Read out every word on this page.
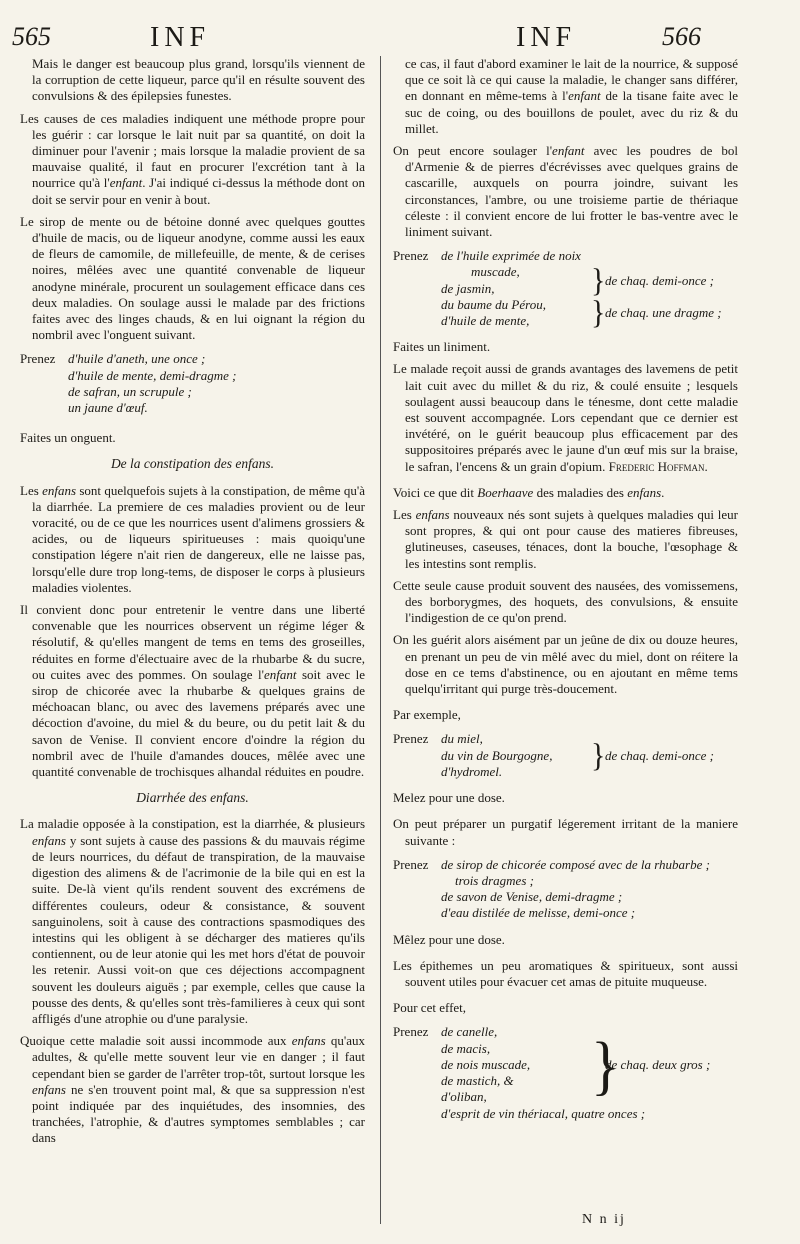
565	INF	INF	566

Mais le danger est beaucoup plus grand, lorsqu'ils viennent de la corruption de cette liqueur, parce qu'il en résulte souvent des convulsions & des épilepsies funestes.

Les causes de ces maladies indiquent une méthode propre pour les guérir : car lorsque le lait nuit par sa quantité, on doit la diminuer pour l'avenir ; mais lorsque la maladie provient de sa mauvaise qualité, il faut en procurer l'excrétion tant à la nourrice qu'à l'enfant. J'ai indiqué ci-dessus la méthode dont on doit se servir pour en venir à bout.

Le sirop de mente ou de bétoine donné avec quelques gouttes d'huile de macis, ou de liqueur anodyne, comme aussi les eaux de fleurs de camomile, de millefeuille, de mente, & de cerises noires, mêlées avec une quantité convenable de liqueur anodyne minérale, procurent un soulagement efficace dans ces deux maladies. On soulage aussi le malade par des frictions faites avec des linges chauds, & en lui oignant la région du nombril avec l'onguent suivant.

Prenez d'huile d'aneth, une once ;
d'huile de mente, demi-dragme ;
de safran, un scrupule ;
un jaune d'œuf.

Faites un onguent.

De la constipation des enfans.

Les enfans sont quelquefois sujets à la constipation, de même qu'à la diarrhée. La premiere de ces maladies provient ou de leur voracité, ou de ce que les nourrices usent d'alimens grossiers & acides, ou de liqueurs spiritueuses : mais quoiqu'une constipation légere n'ait rien de dangereux, elle ne laisse pas, lorsqu'elle dure trop long-tems, de disposer le corps à plusieurs maladies violentes.

Il convient donc pour entretenir le ventre dans une liberté convenable que les nourrices observent un régime léger & résolutif, & qu'elles mangent de tems en tems des groseilles, réduites en forme d'électuaire avec de la rhubarbe & du sucre, ou cuites avec des pommes. On soulage l'enfant soit avec le sirop de chicorée avec la rhubarbe & quelques grains de méchoacan blanc, ou avec des lavemens préparés avec une décoction d'avoine, du miel & du beure, ou du petit lait & du savon de Venise. Il convient encore d'oindre la région du nombril avec de l'huile d'amandes douces, mêlée avec une quantité convenable de trochisques alhandal réduites en poudre.

Diarrhée des enfans.

La maladie opposée à la constipation, est la diarrhée, & plusieurs enfans y sont sujets à cause des passions & du mauvais régime de leurs nourrices, du défaut de transpiration, de la mauvaise digestion des alimens & de l'acrimonie de la bile qui en est la suite. De-là vient qu'ils rendent souvent des excrémens de différentes couleurs, odeur & consistance, & souvent sanguinolens, soit à cause des contractions spasmodiques des intestins qui les obligent à se décharger des matieres qu'ils contiennent, ou de leur atonie qui les met hors d'état de pouvoir les retenir. Aussi voit-on que ces déjections accompagnent souvent les douleurs aiguës ; par exemple, celles que cause la pousse des dents, & qu'elles sont très-familieres à ceux qui sont affligés d'une atrophie ou d'une paralysie.

Quoique cette maladie soit aussi incommode aux enfans qu'aux adultes, & qu'elle mette souvent leur vie en danger ; il faut cependant bien se garder de l'arrêter trop-tôt, surtout lorsque les enfans ne s'en trouvent point mal, & que sa suppression n'est point indiquée par des inquiétudes, des insomnies, des tranchées, l'atrophie, & d'autres symptomes semblables ; car dans

ce cas, il faut d'abord examiner le lait de la nourrice, & supposé que ce soit là ce qui cause la maladie, le changer sans différer, en donnant en même-tems à l'enfant de la tisane faite avec le suc de coing, ou des bouillons de poulet, avec du riz & du millet.

On peut encore soulager l'enfant avec les poudres de bol d'Armenie & de pierres d'écrévisses avec quelques grains de cascarille, auxquels on pourra joindre, suivant les circonstances, l'ambre, ou une troisieme partie de thériaque céleste : il convient encore de lui frotter le bas-ventre avec le liniment suivant.

Prenez de l'huile exprimée de noix
muscade,
de jasmin,	} de chaq. demi-once ;
du baume du Pérou,
d'huile de mente,	} de chaq. une dragme ;

Faites un liniment.

Le malade reçoit aussi de grands avantages des lavemens de petit lait cuit avec du millet & du riz, & coulé ensuite ; lesquels soulagent aussi beaucoup dans le ténesme, dont cette maladie est souvent accompagnée. Lors cependant que ce dernier est invétéré, on le guérit beaucoup plus efficacement par des suppositoires préparés avec le jaune d'un œuf mis sur la braise, le safran, l'encens & un grain d'opium. Frederic Hoffman.

Voici ce que dit Boerhaave des maladies des enfans.

Les enfans nouveaux nés sont sujets à quelques maladies qui leur sont propres, & qui ont pour cause des matieres fibreuses, glutineuses, caseuses, ténaces, dont la bouche, l'œsophage & les intestins sont remplis.

Cette seule cause produit souvent des nausées, des vomissemens, des borborygmes, des hoquets, des convulsions, & ensuite l'indigestion de ce qu'on prend.

On les guérit alors aisément par un jeûne de dix ou douze heures, en prenant un peu de vin mêlé avec du miel, dont on réitere la dose en ce tems d'abstinence, ou en ajoutant en même tems quelqu'irritant qui purge très-doucement.

Par exemple,

Prenez du miel,
du vin de Bourgogne,
d'hydromel.	} de chaq. demi-once ;

Melez pour une dose.

On peut préparer un purgatif légerement irritant de la maniere suivante :

Prenez de sirop de chicorée composé avec de la rhubarbe ;
trois dragmes ;
de savon de Venise, demi-dragme ;
d'eau distilée de melisse, demi-once ;

Mêlez pour une dose.

Les épithemes un peu aromatiques & spiritueux, sont aussi souvent utiles pour évacuer cet amas de pituite muqueuse.

Pour cet effet,

Prenez de canelle,
de macis,
de nois muscade,
de mastich, &
d'oliban,	}
de chaq. deux gros ;
d'esprit de vin thériacal, quatre onces ;
N n ij
